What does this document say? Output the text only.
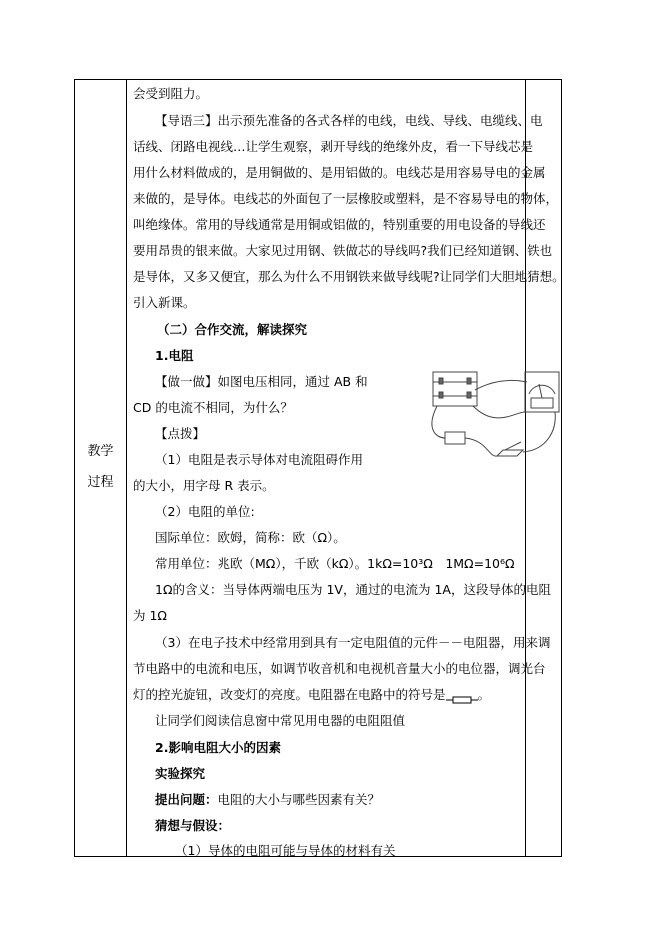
教学
过程
会受到阻力。
【导语三】出示预先准备的各式各样的电线，电线、导线、电缆线、电
话线、闭路电视线…让学生观察，剥开导线的绝缘外皮，看一下导线芯是
用什么材料做成的，是用铜做的、是用铝做的。电线芯是用容易导电的金属
来做的，是导体。电线芯的外面包了一层橡胶或塑料，是不容易导电的物体，
叫绝缘体。常用的导线通常是用铜或铝做的，特别重要的用电设备的导线还
要用昂贵的银来做。大家见过用钢、铁做芯的导线吗?我们已经知道钢、铁也
是导体，又多又便宜，那么为什么不用钢铁来做导线呢?让同学们大胆地猜想。
引入新课。
（二）合作交流，解读探究
1.电阻
【做一做】如图电压相同，通过 AB 和
CD 的电流不相同，为什么？
【点拨】
（1）电阻是表示导体对电流阻碍作用
的大小，用字母 R 表示。
（2）电阻的单位:
国际单位：欧姆，简称：欧（Ω）。
常用单位：兆欧（MΩ），千欧（kΩ）。1kΩ=10³Ω　1MΩ=10⁶Ω
1Ω的含义：当导体两端电压为 1V，通过的电流为 1A，这段导体的电阻
为 1Ω
（3）在电子技术中经常用到具有一定电阻值的元件－－电阻器，用来调
节电路中的电流和电压，如调节收音机和电视机音量大小的电位器，调光台
灯的控光旋钮，改变灯的亮度。电阻器在电路中的符号是	。
让同学们阅读信息窗中常见用电器的电阻阻值
2.影响电阻大小的因素
实验探究
提出问题：电阻的大小与哪些因素有关？
猜想与假设：
（1）导体的电阻可能与导体的材料有关
